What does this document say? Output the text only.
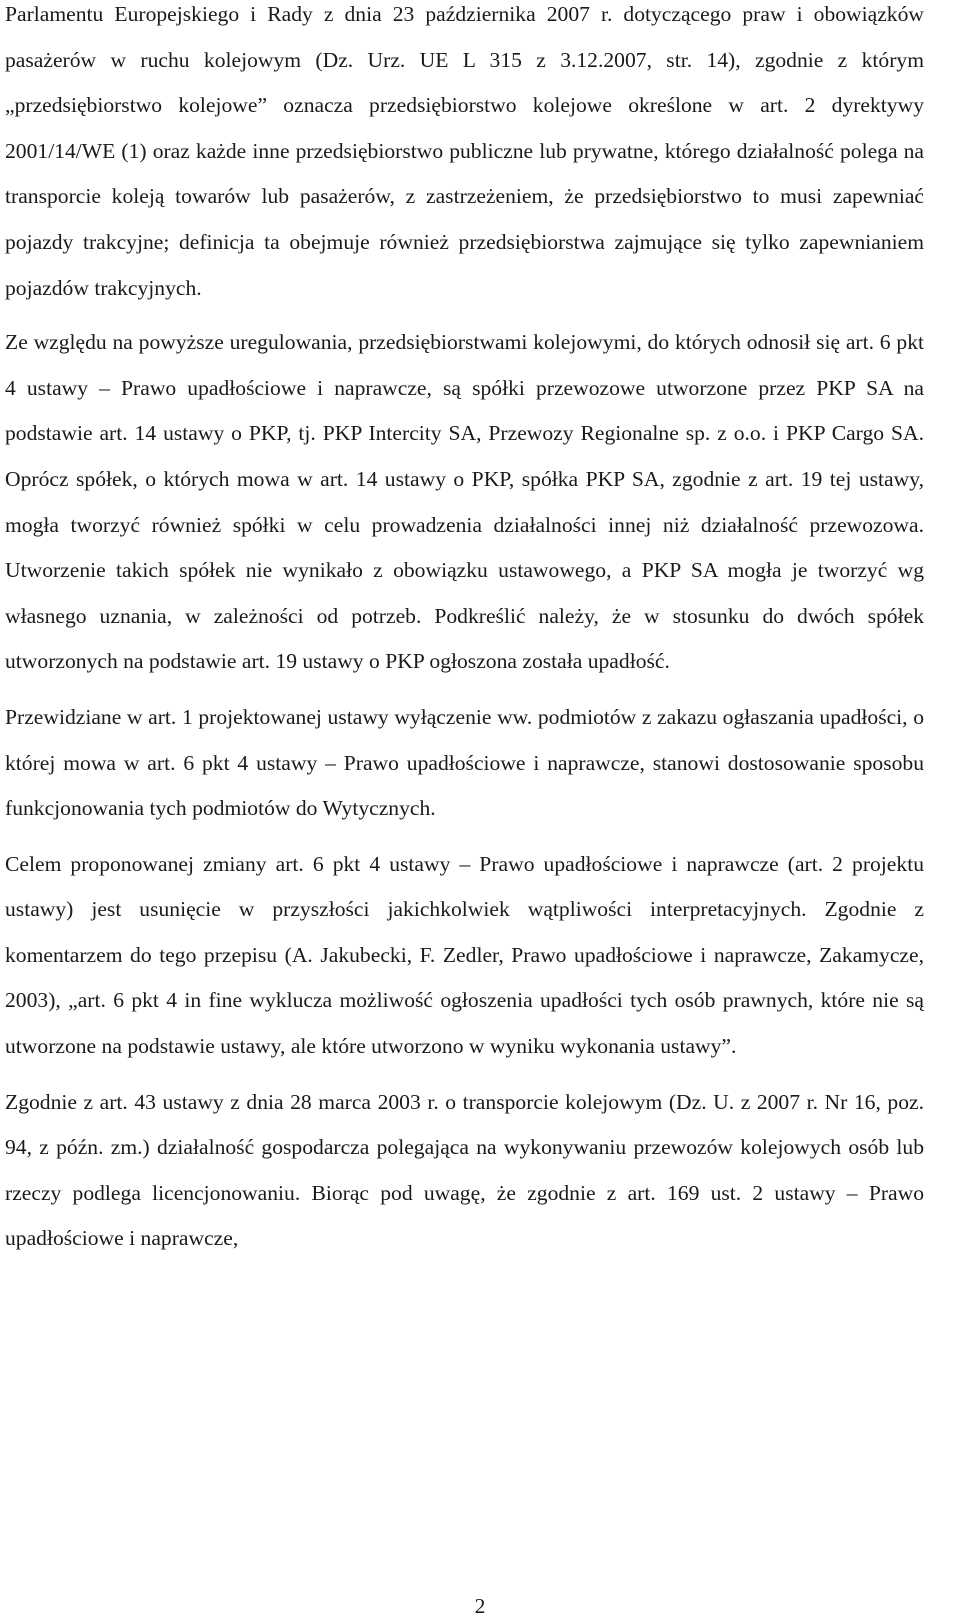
Parlamentu Europejskiego i Rady z dnia 23 października 2007 r. dotyczącego praw i obowiązków pasażerów w ruchu kolejowym (Dz. Urz. UE L 315 z 3.12.2007, str. 14), zgodnie z którym „przedsiębiorstwo kolejowe” oznacza przedsiębiorstwo kolejowe określone w art. 2 dyrektywy 2001/14/WE (1) oraz każde inne przedsiębiorstwo publiczne lub prywatne, którego działalność polega na transporcie koleją towarów lub pasażerów, z zastrzeżeniem, że przedsiębiorstwo to musi zapewniać pojazdy trakcyjne; definicja ta obejmuje również przedsiębiorstwa zajmujące się tylko zapewnianiem pojazdów trakcyjnych.

Ze względu na powyższe uregulowania, przedsiębiorstwami kolejowymi, do których odnosił się art. 6 pkt 4 ustawy – Prawo upadłościowe i naprawcze, są spółki przewozowe utworzone przez PKP SA na podstawie art. 14 ustawy o PKP, tj. PKP Intercity SA, Przewozy Regionalne sp. z o.o. i PKP Cargo SA. Oprócz spółek, o których mowa w art. 14 ustawy o PKP, spółka PKP SA, zgodnie z art. 19 tej ustawy, mogła tworzyć również spółki w celu prowadzenia działalności innej niż działalność przewozowa. Utworzenie takich spółek nie wynikało z obowiązku ustawowego, a PKP SA mogła je tworzyć wg własnego uznania, w zależności od potrzeb. Podkreślić należy, że w stosunku do dwóch spółek utworzonych na podstawie art. 19 ustawy o PKP ogłoszona została upadłość.

Przewidziane w art. 1 projektowanej ustawy wyłączenie ww. podmiotów z zakazu ogłaszania upadłości, o której mowa w art. 6 pkt 4 ustawy – Prawo upadłościowe i naprawcze, stanowi dostosowanie sposobu funkcjonowania tych podmiotów do Wytycznych.

Celem proponowanej zmiany art. 6 pkt 4 ustawy – Prawo upadłościowe i naprawcze (art. 2 projektu ustawy) jest usunięcie w przyszłości jakichkolwiek wątpliwości interpretacyjnych. Zgodnie z komentarzem do tego przepisu (A. Jakubecki, F. Zedler, Prawo upadłościowe i naprawcze, Zakamycze, 2003), „art. 6 pkt 4 in fine wyklucza możliwość ogłoszenia upadłości tych osób prawnych, które nie są utworzone na podstawie ustawy, ale które utworzono w wyniku wykonania ustawy”.

Zgodnie z art. 43 ustawy z dnia 28 marca 2003 r. o transporcie kolejowym (Dz. U. z 2007 r. Nr 16, poz. 94, z późn. zm.) działalność gospodarcza polegająca na wykonywaniu przewozów kolejowych osób lub rzeczy podlega licencjonowaniu. Biorąc pod uwagę, że zgodnie z art. 169 ust. 2 ustawy – Prawo upadłościowe i naprawcze,

2
